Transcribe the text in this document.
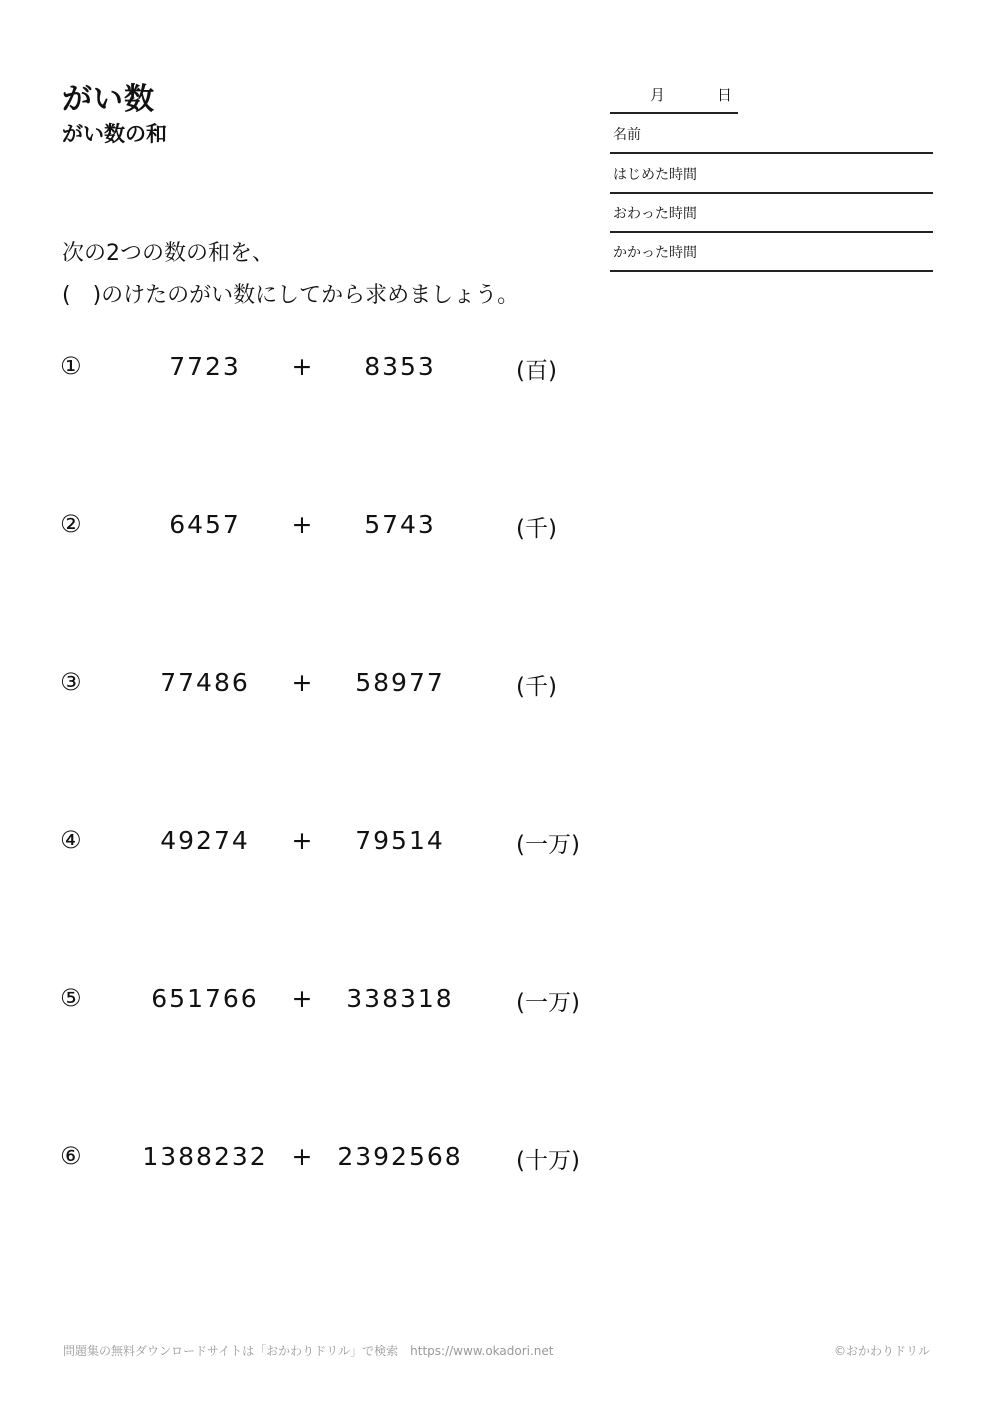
がい数
がい数の和
月	日
名前
はじめた時間
おわった時間
かかった時間
次の2つの数の和を、
(　)のけたのがい数にしてから求めましょう。
①	7723	+	8353	(百)
②	6457	+	5743	(千)
③	77486	+	58977	(千)
④	49274	+	79514	(一万)
⑤	651766	+	338318	(一万)
⑥	1388232 + 2392568	(十万)
問題集の無料ダウンロードサイトは「おかわりドリル」で検索　https://www.okadori.net	©おかわりドリル
